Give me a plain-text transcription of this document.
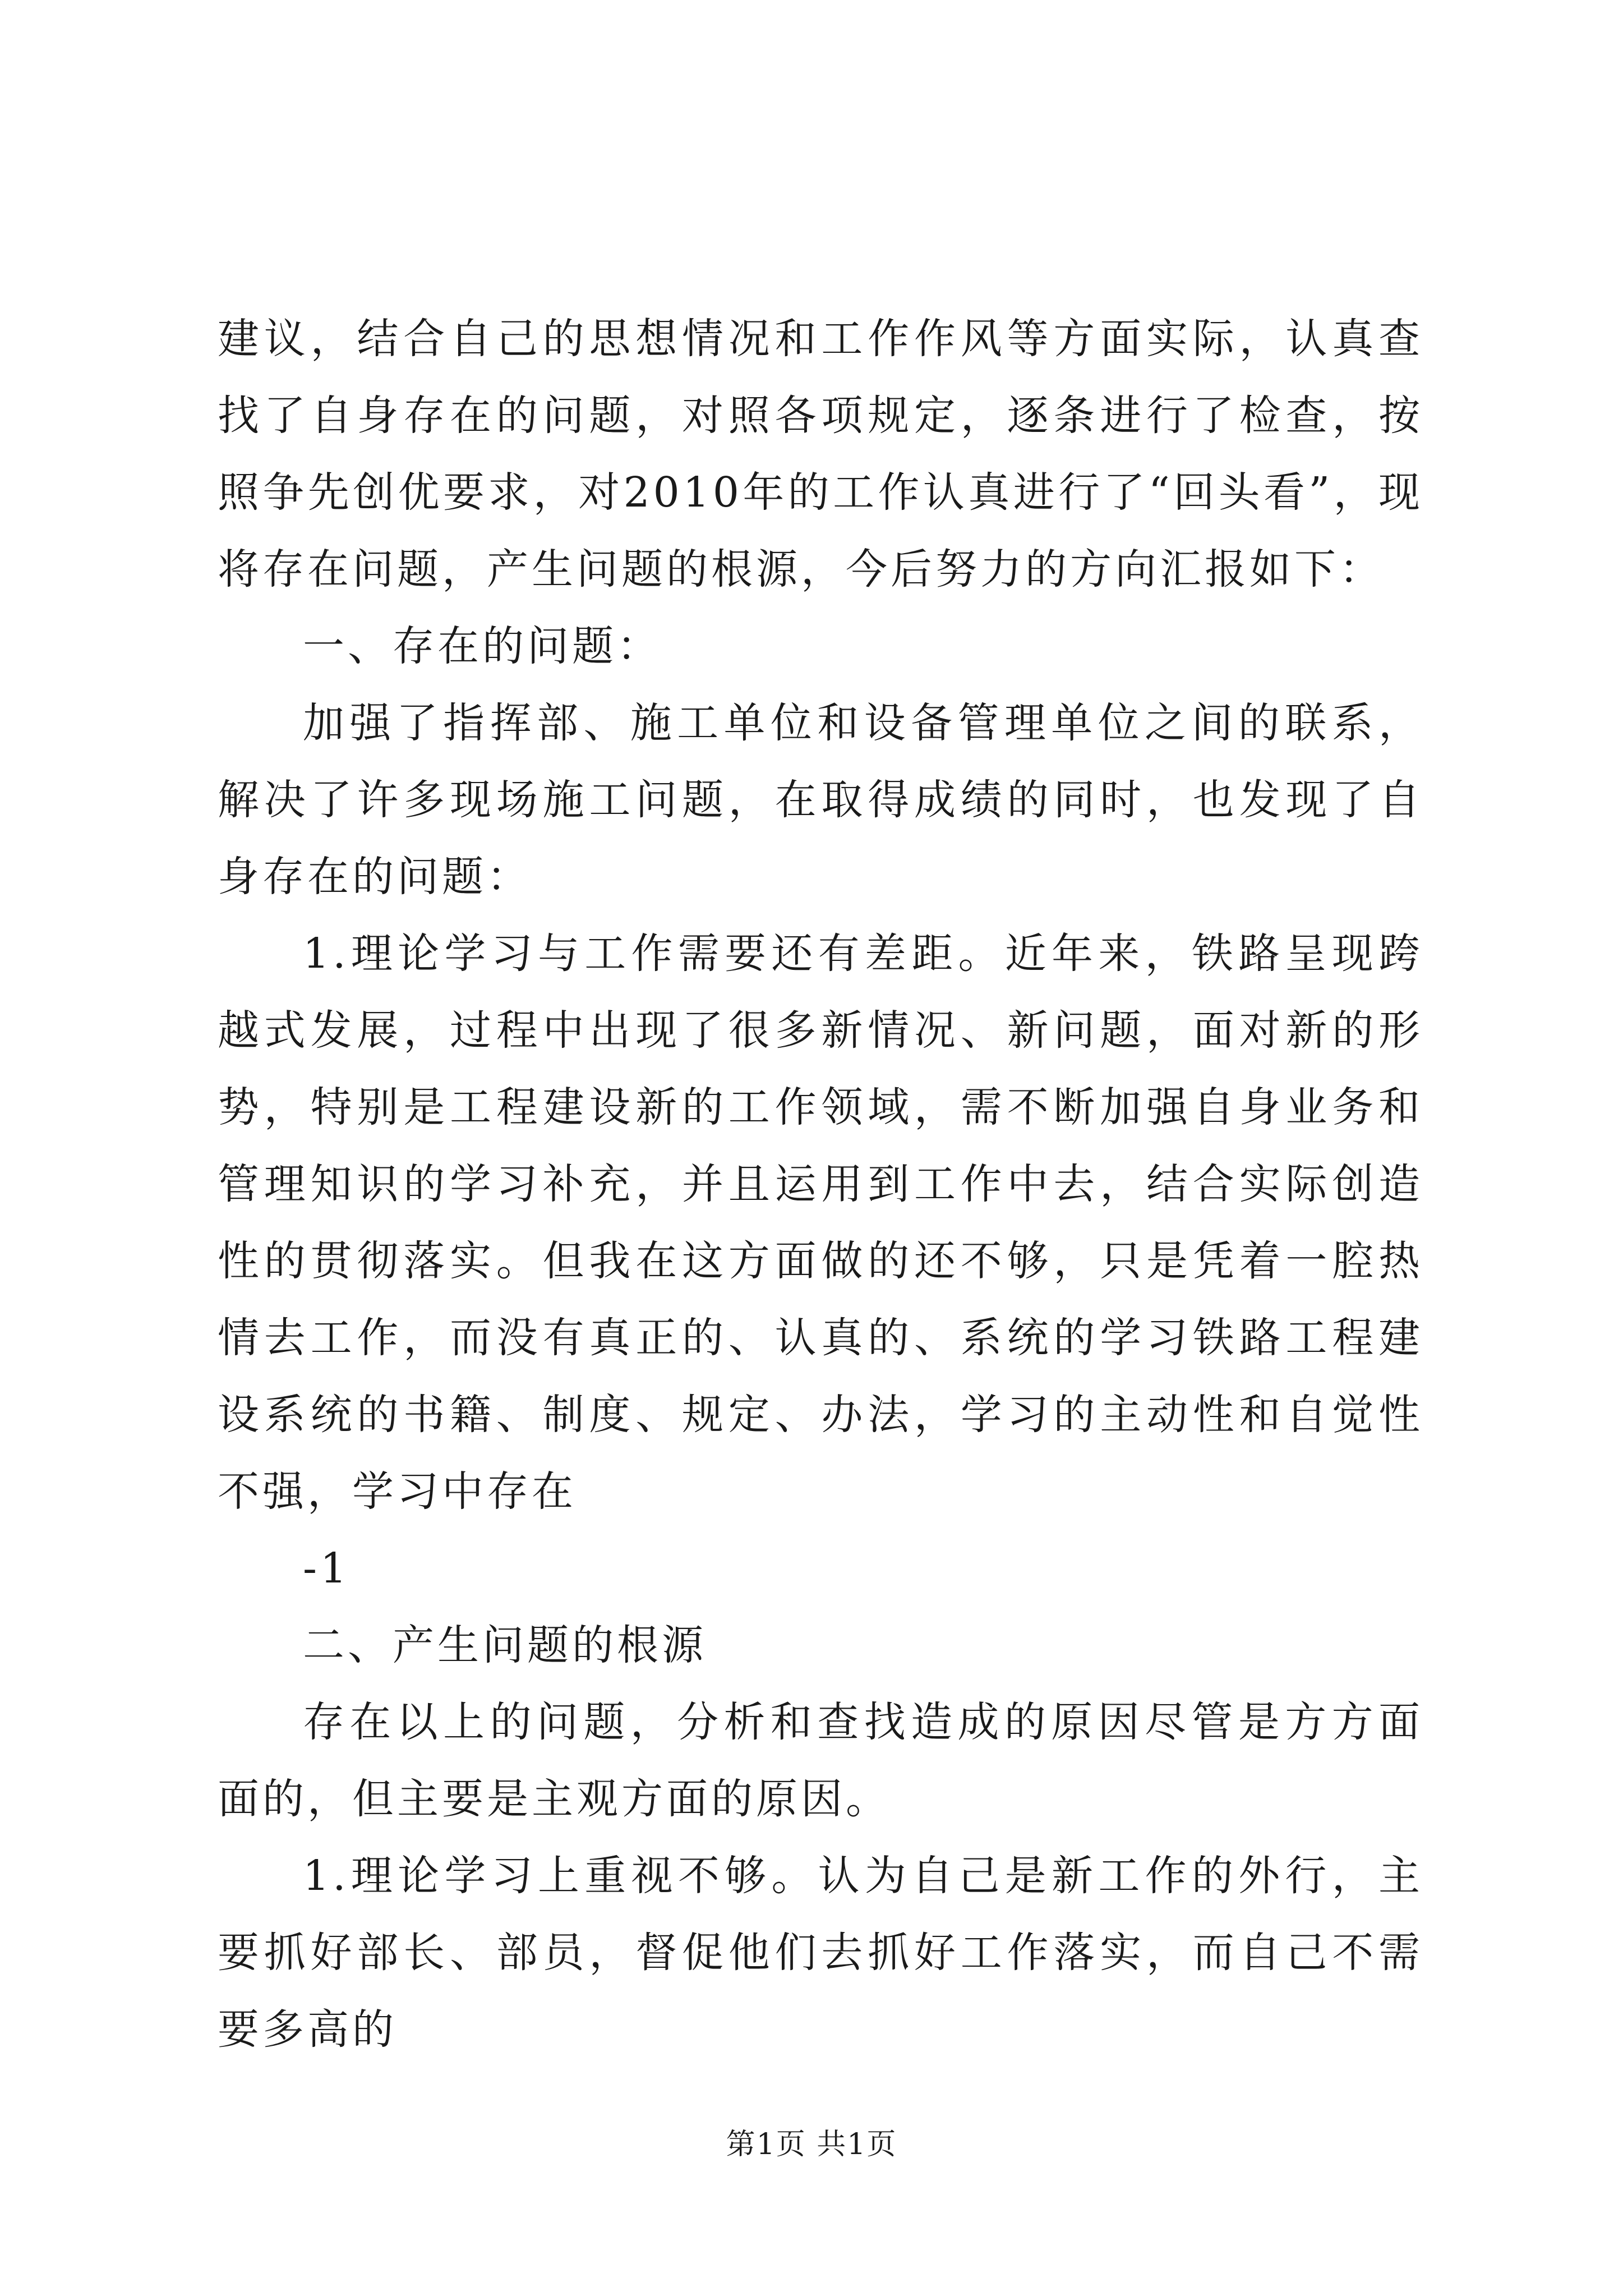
建议，结合自己的思想情况和工作作风等方面实际，认真查找了自身存在的问题，对照各项规定，逐条进行了检查，按照争先创优要求，对2010年的工作认真进行了“回头看”，现将存在问题，产生问题的根源，今后努力的方向汇报如下：

一、存在的问题：

加强了指挥部、施工单位和设备管理单位之间的联系，解决了许多现场施工问题，在取得成绩的同时，也发现了自身存在的问题：

1.理论学习与工作需要还有差距。近年来，铁路呈现跨越式发展，过程中出现了很多新情况、新问题，面对新的形势，特别是工程建设新的工作领域，需不断加强自身业务和管理知识的学习补充，并且运用到工作中去，结合实际创造性的贯彻落实。但我在这方面做的还不够，只是凭着一腔热情去工作，而没有真正的、认真的、系统的学习铁路工程建设系统的书籍、制度、规定、办法，学习的主动性和自觉性不强，学习中存在

-1

二、产生问题的根源

存在以上的问题，分析和查找造成的原因尽管是方方面面的，但主要是主观方面的原因。

1.理论学习上重视不够。认为自己是新工作的外行，主要抓好部长、部员，督促他们去抓好工作落实，而自己不需要多高的

第1页 共1页
